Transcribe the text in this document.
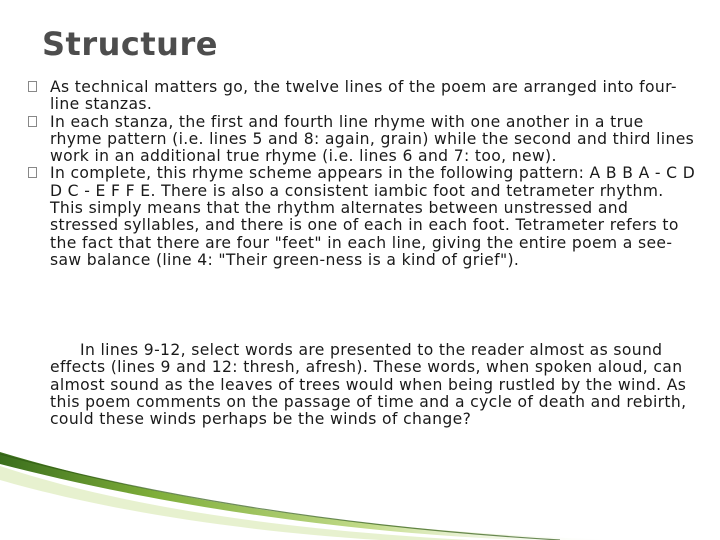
Structure
As technical matters go, the twelve lines of the poem are arranged into four-line stanzas.
In each stanza, the first and fourth line rhyme with one another in a true rhyme pattern (i.e. lines 5 and 8: again, grain) while the second and third lines work in an additional true rhyme (i.e. lines 6 and 7: too, new).
In complete, this rhyme scheme appears in the following pattern: A B B A - C D D C - E F F E. There is also a consistent iambic foot and tetrameter rhythm. This simply means that the rhythm alternates between unstressed and stressed syllables, and there is one of each in each foot. Tetrameter refers to the fact that there are four "feet" in each line, giving the entire poem a see-saw balance (line 4: "Their green-ness is a kind of grief").

In lines 9-12, select words are presented to the reader almost as sound effects (lines 9 and 12: thresh, afresh). These words, when spoken aloud, can almost sound as the leaves of trees would when being rustled by the wind. As this poem comments on the passage of time and a cycle of death and rebirth, could these winds perhaps be the winds of change?
